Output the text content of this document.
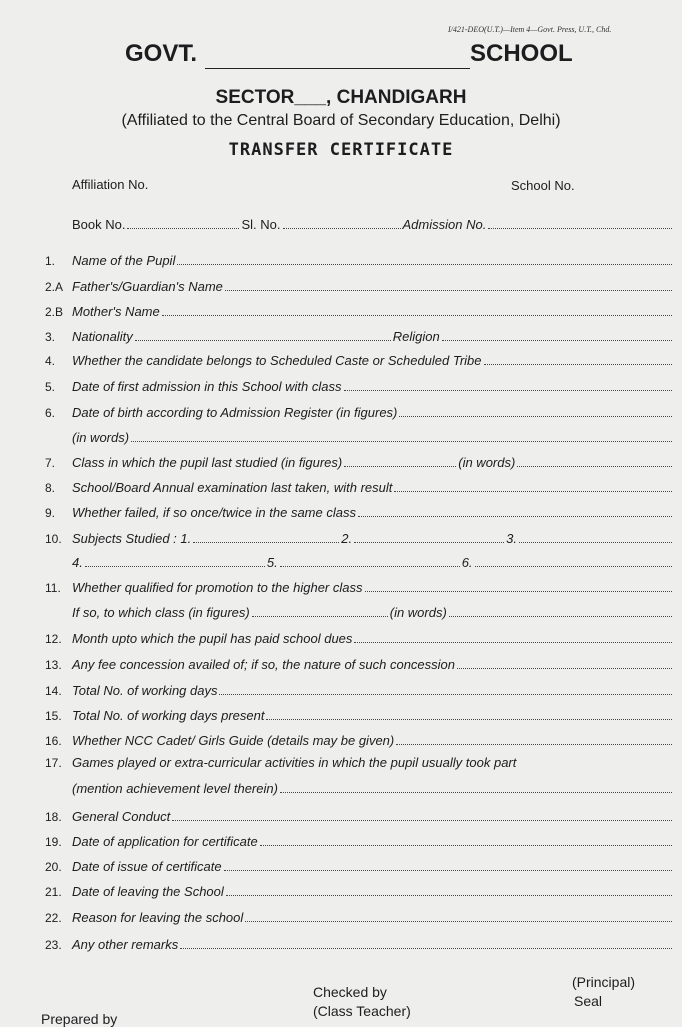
I/421-DEO(U.T.)—Item 4—Govt. Press, U.T., Chd.
GOVT.	SCHOOL
SECTOR___, CHANDIGARH
(Affiliated to the Central Board of Secondary Education, Delhi)
TRANSFER CERTIFICATE
Affiliation No.	School No.
Book No.	Sl. No.	Admission No.
1.	Name of the Pupil
2.A Father's/Guardian's Name
2.B Mother's Name
3.	Nationality	Religion
4.	Whether the candidate belongs to Scheduled Caste or Scheduled Tribe
5.	Date of first admission in this School with class
6.	Date of birth according to Admission Register (in figures)
(in words)
7.	Class in which the pupil last studied (in figures)	(in words)
8.	School/Board Annual examination last taken, with result
9.	Whether failed, if so once/twice in the same class
10. Subjects Studied : 1.	2.	3.
4.	5.	6.
11. Whether qualified for promotion to the higher class
If so, to which class (in figures)	(in words)
12. Month upto which the pupil has paid school dues
13. Any fee concession availed of; if so, the nature of such concession
14. Total No. of working days
15. Total No. of working days present
16. Whether NCC Cadet/ Girls Guide (details may be given)
17. Games played or extra-curricular activities in which the pupil usually took part
(mention achievement level therein)
18. General Conduct
19. Date of application for certificate
20. Date of issue of certificate
21. Date of leaving the School
22. Reason for leaving the school
23. Any other remarks
Prepared by
Checked by
(Class Teacher)
(Principal)
Seal
